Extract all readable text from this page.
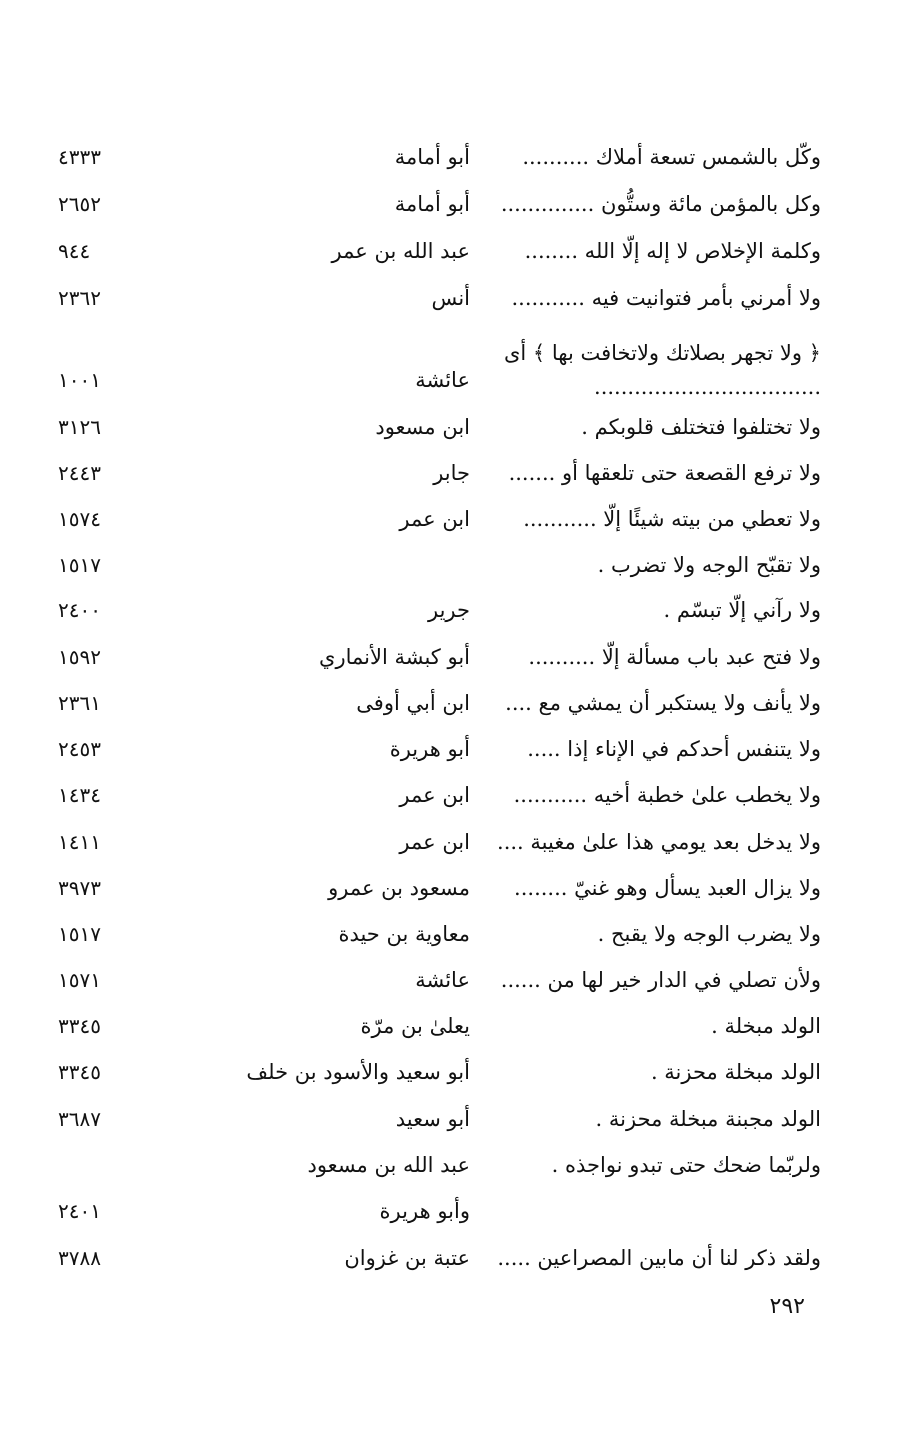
وكّل بالشمس تسعة أملاك ..........
أبو أمامة
٤٣٣٣
وكل بالمؤمن مائة وستُّون ..............
أبو أمامة
٢٦٥٢
وكلمة الإخلاص لا إله إلّا الله ........
عبد الله بن عمر
٩٤٤
ولا أمرني بأمر فتوانيت فيه ...........
أنس
٢٣٦٢
﴿ ولا تجهر بصلاتك ولاتخافت بها ﴾ أى ..................................
عائشة
١٠٠١
ولا تختلفوا فتختلف قلوبكم .
ابن مسعود
٣١٢٦
ولا ترفع القصعة حتى تلعقها أو .......
جابر
٢٤٤٣
ولا تعطي من بيته شيئًا إلّا ...........
ابن عمر
١٥٧٤
ولا تقبّح الوجه ولا تضرب .
١٥١٧
ولا رآني إلّا تبسّم .
جرير
٢٤٠٠
ولا فتح عبد باب مسألة إلّا ..........
أبو كبشة الأنماري
١٥٩٢
ولا يأنف ولا يستكبر أن يمشي مع ....
ابن أبي أوفى
٢٣٦١
ولا يتنفس أحدكم في الإناء إذا .....
أبو هريرة
٢٤٥٣
ولا يخطب علىٰ خطبة أخيه ...........
ابن عمر
١٤٣٤
ولا يدخل بعد يومي هذا علىٰ مغيبة ....
ابن عمر
١٤١١
ولا يزال العبد يسأل وهو غنيّ ........
مسعود بن عمرو
٣٩٧٣
ولا يضرب الوجه ولا يقبح .
معاوية بن حيدة
١٥١٧
ولأن تصلي في الدار خير لها من ......
عائشة
١٥٧١
الولد مبخلة .
يعلىٰ بن مرّة
٣٣٤٥
الولد مبخلة محزنة .
أبو سعيد والأسود بن خلف
٣٣٤٥
الولد مجبنة مبخلة محزنة .
أبو سعيد
٣٦٨٧
ولربّما ضحك حتى تبدو نواجذه .
عبد الله بن مسعود
وأبو هريرة
٢٤٠١
ولقد ذكر لنا أن مابين المصراعين .....
عتبة بن غزوان
٣٧٨٨
٢٩٢
